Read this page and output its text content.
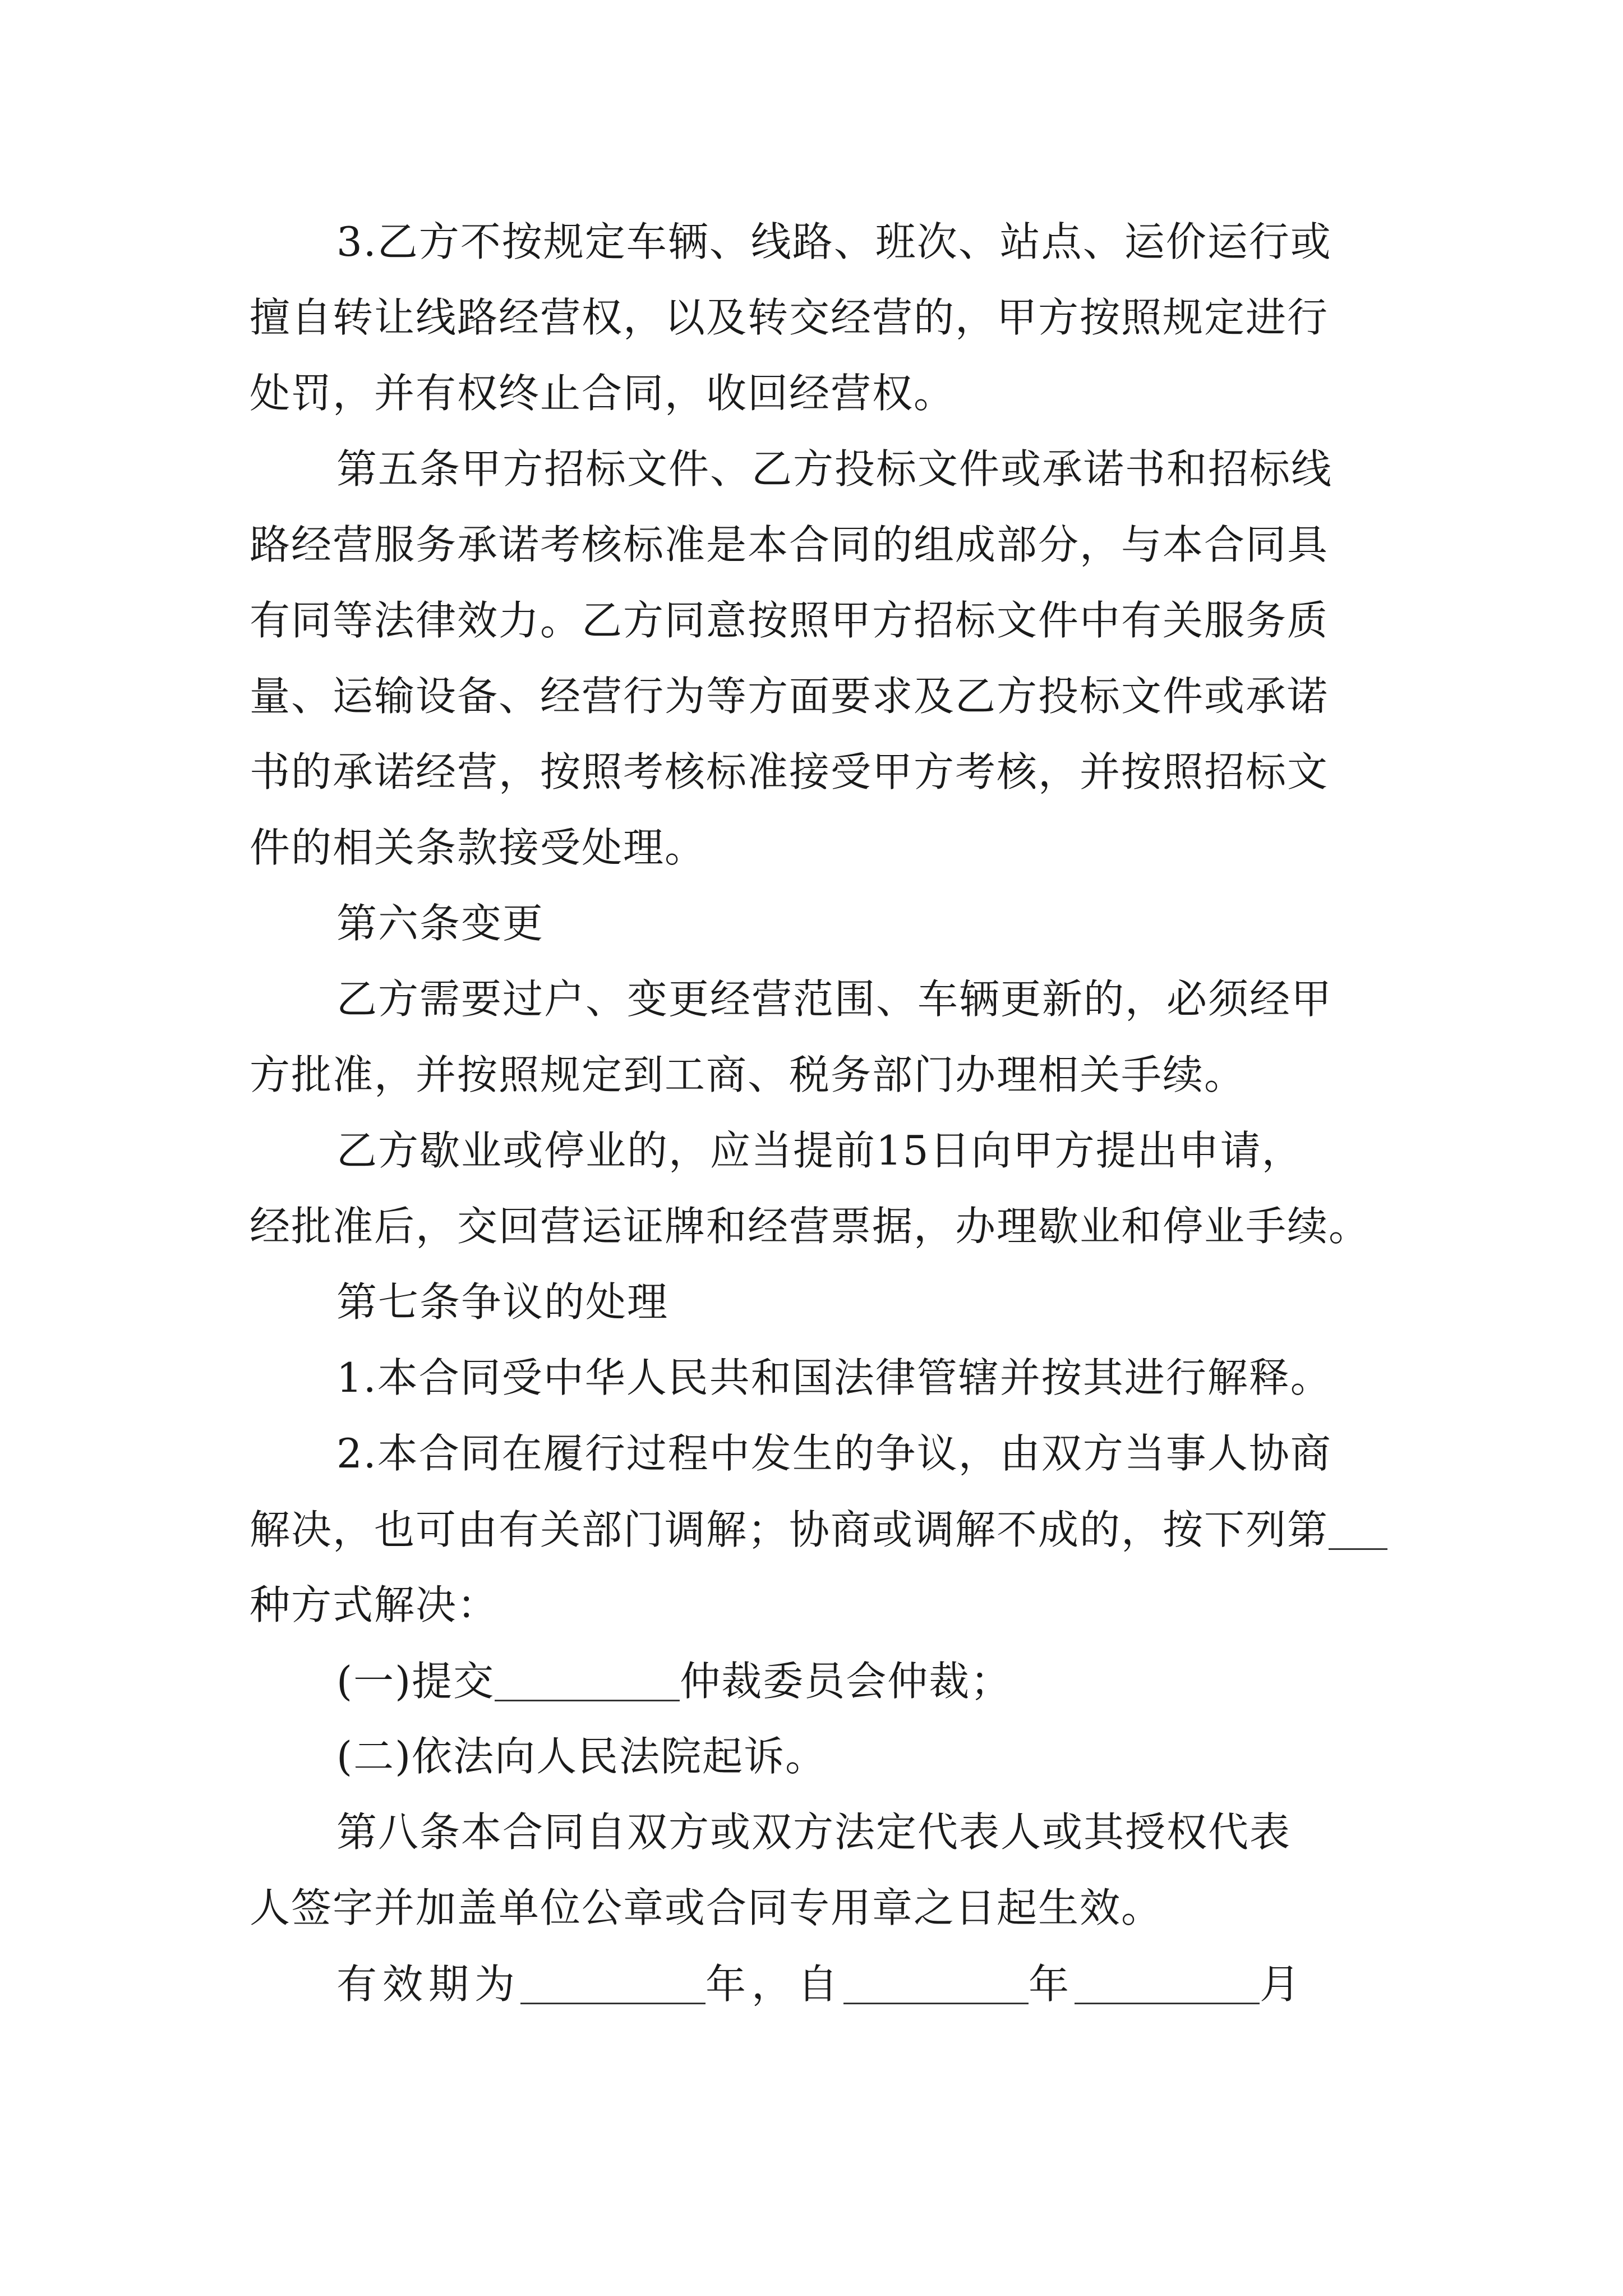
3.乙方不按规定车辆、线路、班次、站点、运价运行或
擅自转让线路经营权，以及转交经营的，甲方按照规定进行
处罚，并有权终止合同，收回经营权。
第五条甲方招标文件、乙方投标文件或承诺书和招标线
路经营服务承诺考核标准是本合同的组成部分，与本合同具
有同等法律效力。乙方同意按照甲方招标文件中有关服务质
量、运输设备、经营行为等方面要求及乙方投标文件或承诺
书的承诺经营，按照考核标准接受甲方考核，并按照招标文
件的相关条款接受处理。
第六条变更
乙方需要过户、变更经营范围、车辆更新的，必须经甲
方批准，并按照规定到工商、税务部门办理相关手续。
乙方歇业或停业的，应当提前15日向甲方提出申请，
经批准后，交回营运证牌和经营票据，办理歇业和停业手续。
第七条争议的处理
1.本合同受中华人民共和国法律管辖并按其进行解释。
2.本合同在履行过程中发生的争议，由双方当事人协商
解决，也可由有关部门调解；协商或调解不成的，按下列第
种方式解决：
(一)提交	仲裁委员会仲裁；
(二)依法向人民法院起诉。
第八条本合同自双方或双方法定代表人或其授权代表
人签字并加盖单位公章或合同专用章之日起生效。
有效期为	年，自	年	月
